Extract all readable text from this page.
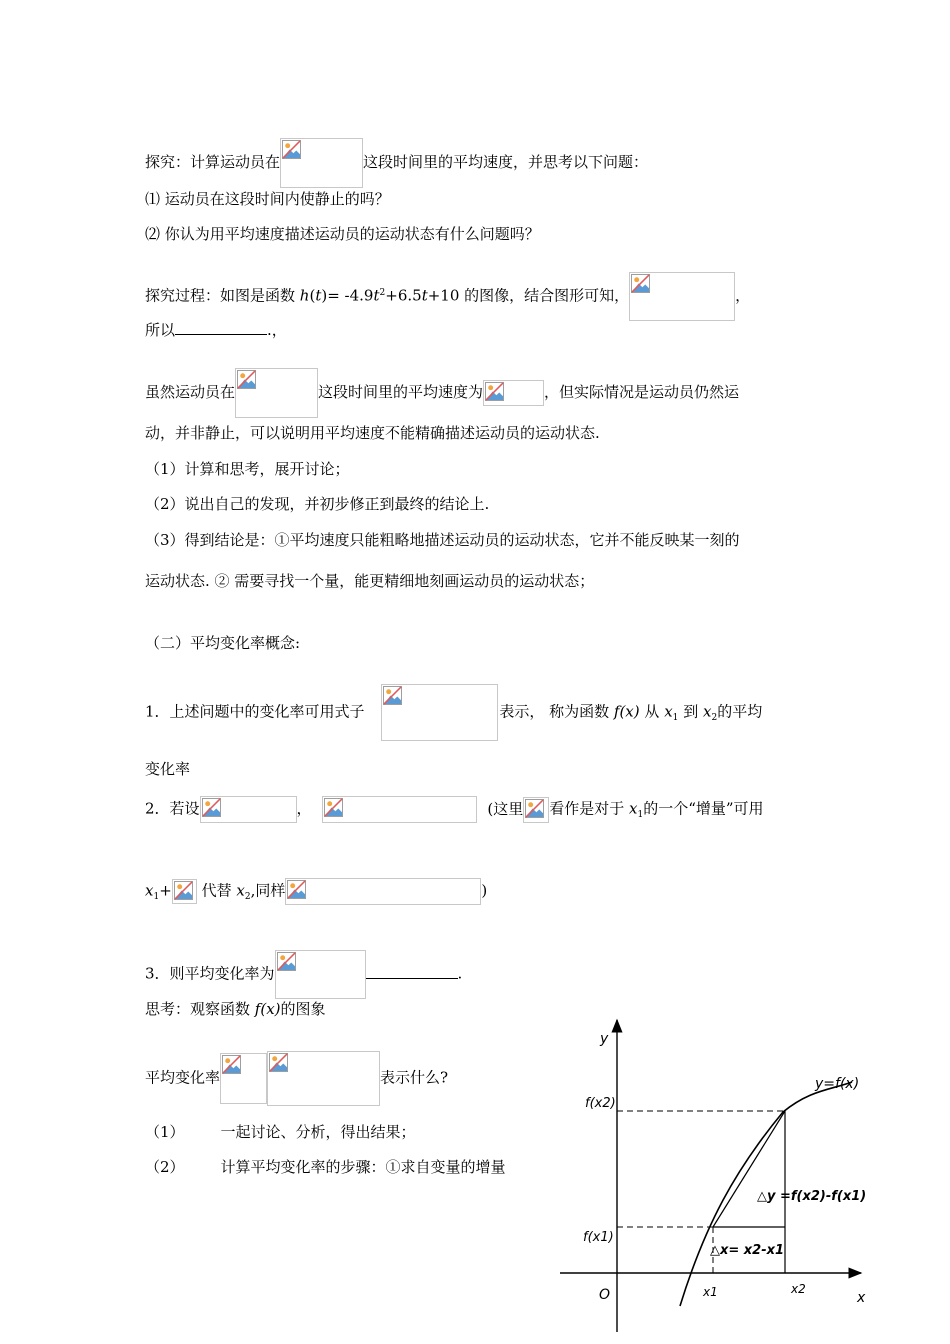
探究：计算运动员在	这段时间里的平均速度，并思考以下问题：
⑴ 运动员在这段时间内使静止的吗？
⑵ 你认为用平均速度描述运动员的运动状态有什么问题吗？
探究过程：如图是函数 $h(t)= -4.9t^2+6.5t+10$ 的图像，结合图形可知，	，
所以	.，
虽然运动员在	这段时间里的平均速度为	，但实际情况是运动员仍然运
动，并非静止，可以说明用平均速度不能精确描述运动员的运动状态.
（1）计算和思考，展开讨论；
（2）说出自己的发现，并初步修正到最终的结论上.
（3）得到结论是：①平均速度只能粗略地描述运动员的运动状态，它并不能反映某一刻的
运动状态. ② 需要寻找一个量，能更精细地刻画运动员的运动状态；
（二）平均变化率概念:
1．上述问题中的变化率可用式子	表示， 称为函数 f(x) 从 $x_1$ 到 $x_2$的平均
变化率
2．若设	，	(这里 看作是对于 $x_1$的一个“增量”可用
$x_1+$ 代替 $x_2$,同样	)
3．则平均变化率为	.
思考：观察函数 f(x)的图象
平均变化率	表示什么?
（1） 一起讨论、分析，得出结果；
（2） 计算平均变化率的步骤：①求自变量的增量
y
x
O
y=f(x)
f(x2)
f(x1)
△y =f(x2)-f(x1)
△x= x2-x1
x1	x2
